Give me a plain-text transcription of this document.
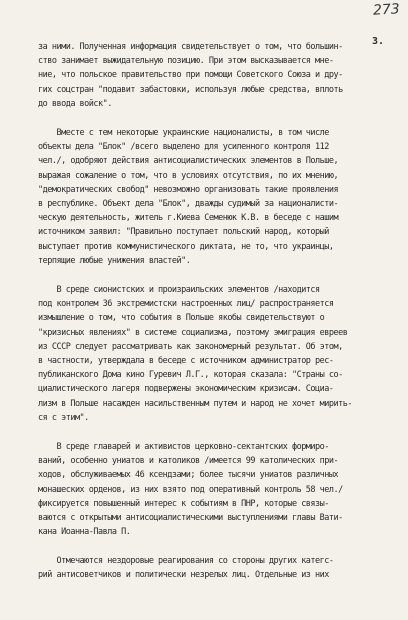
273
3.
за ними. Полученная информация свидетельствует о том, что большин-
ство занимает выжидательную позицию. При этом высказывается мне-
ние, что польское правительство при помощи Советского Союза и дру-
гих соцстран "подавит забастовки, используя любые средства, вплоть
до ввода войск".
Вместе с тем некоторые украинские националисты, в том числе
объекты дела "Блок" /всего выделено для усиленного контроля 112
чел./, одобряют действия антисоциалистических элементов в Польше,
выражая сожаление о том, что в условиях отсутствия, по их мнению,
"демократических свобод" невозможно организовать такие проявления
в республике. Объект дела "Блок", дважды судимый за националисти-
ческую деятельность, житель г.Киева Семенюк К.В. в беседе с нашим
источником заявил: "Правильно поступает польский народ, который
выступает против коммунистического диктата, не то, что украинцы,
терпящие любые унижения властей".
В среде сионистских и произраильских элементов /находится
под контролем 36 экстремистски настроенных лиц/ распространяется
измышление о том, что события в Польше якобы свидетельствуют о
"кризисных явлениях" в системе социализма, поэтому эмиграция евреев
из СССР следует рассматривать как закономерный результат. Об этом,
в частности, утверждала в беседе с источником администратор рес-
публиканского Дома кино Гуревич Л.Г., которая сказала: "Страны со-
циалистического лагеря подвержены экономическим кризисам. Социа-
лизм в Польше насажден насильственным путем и народ не хочет мирить-
ся с этим".
В среде главарей и активистов церковно-сектантских формиро-
ваний, особенно униатов и католиков /имеется 99 католических при-
ходов, обслуживаемых 46 ксендзами; более тысячи униатов различных
монашеских орденов, из них взято под оперативный контроль 58 чел./
фиксируется повышенный интерес к событиям в ПНР, которые связы-
ваются с открытыми антисоциалистическими выступлениями главы Вати-
кана Иоанна-Павла П.
Отмечаются нездоровые реагирования со стороны других категс-
рий антисоветчиков и политически незрелых лиц. Отдельные из них
